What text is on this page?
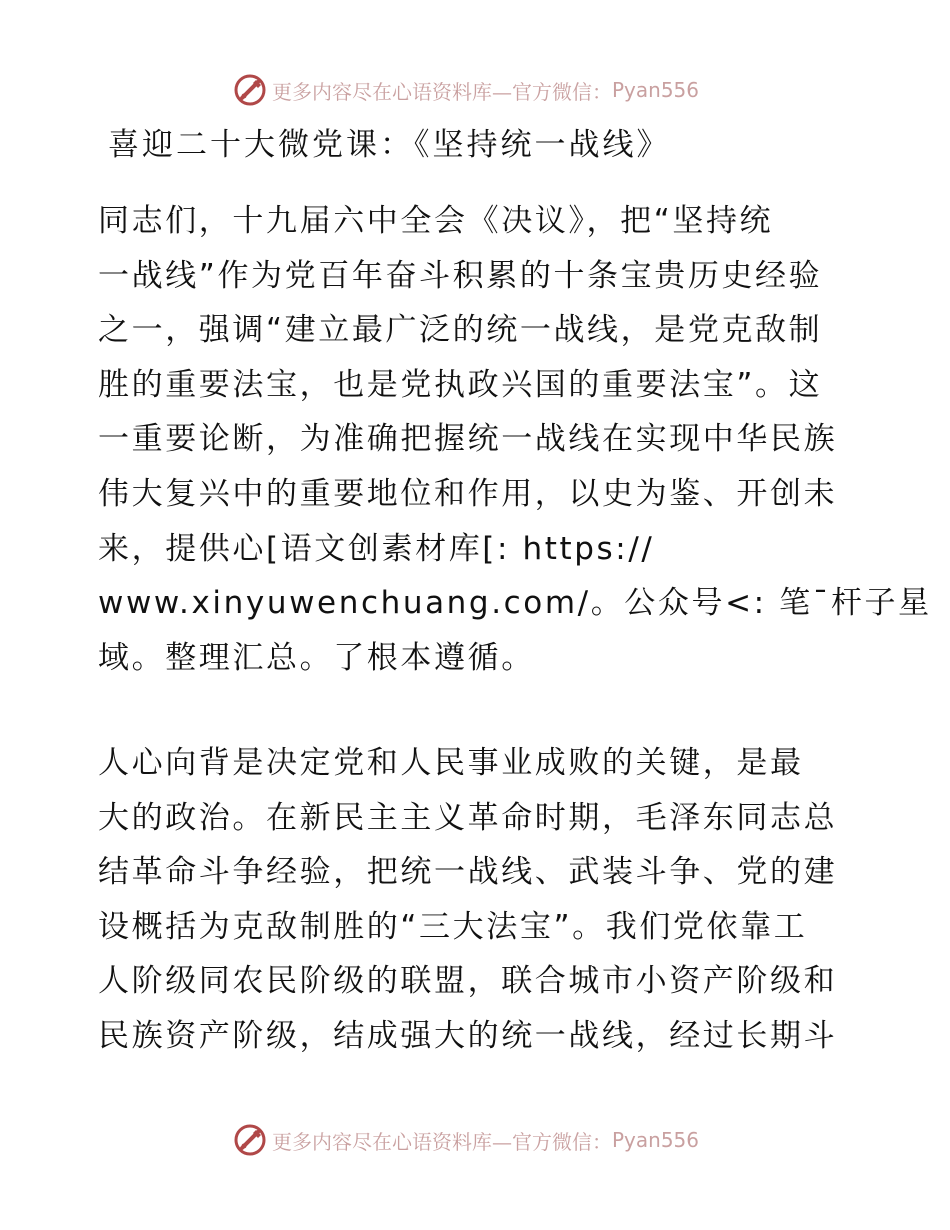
更多内容尽在心语资料库—官方微信： Pyan556
喜迎二十大微党课：《坚持统一战线》
同志们，十九届六中全会《决议》，把“坚持统
一战线”作为党百年奋斗积累的十条宝贵历史经验
之一，强调“建立最广泛的统一战线，是党克敌制
胜的重要法宝，也是党执政兴国的重要法宝”。这
一重要论断，为准确把握统一战线在实现中华民族
伟大复兴中的重要地位和作用，以史为鉴、开创未
来，提供心[语文创素材库[: https://
www.xinyuwenchuang.com/。公众号<: 笔¯杆子星
域。整理汇总。了根本遵循。
人心向背是决定党和人民事业成败的关键，是最
大的政治。在新民主主义革命时期，毛泽东同志总
结革命斗争经验，把统一战线、武装斗争、党的建
设概括为克敌制胜的“三大法宝”。我们党依靠工
人阶级同农民阶级的联盟，联合城市小资产阶级和
民族资产阶级，结成强大的统一战线，经过长期斗
更多内容尽在心语资料库—官方微信： Pyan556
